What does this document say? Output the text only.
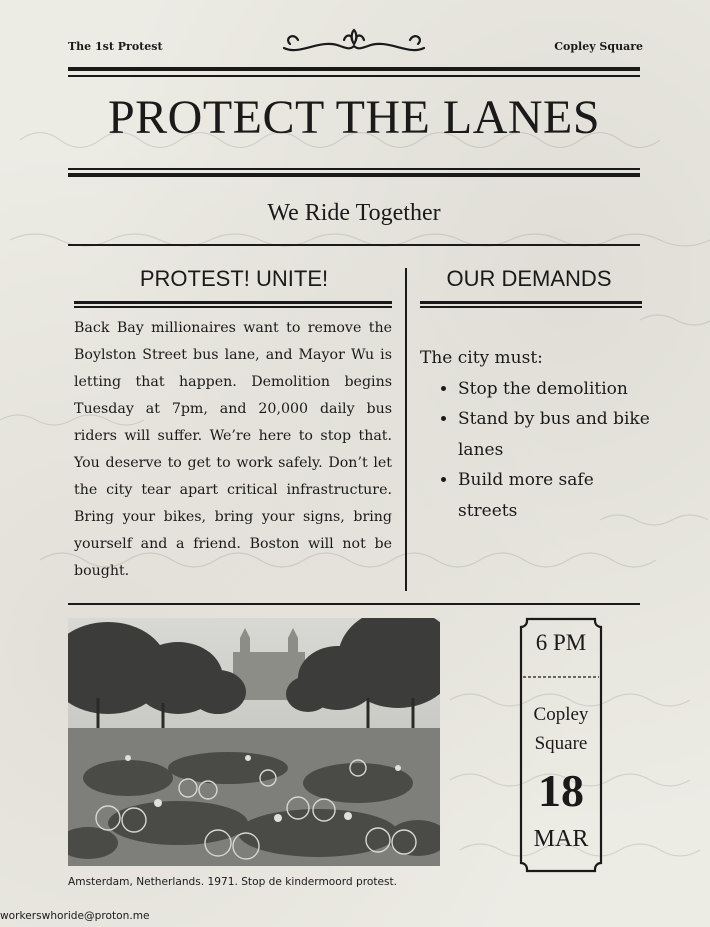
The 1st Protest	Copley Square
PROTECT THE LANES
We Ride Together
PROTEST! UNITE!	OUR DEMANDS
Back Bay millionaires want to remove the Boylston Street bus lane, and Mayor Wu is letting that happen. Demolition begins Tuesday at 7pm, and 20,000 daily bus riders will suffer. We’re here to stop that. You deserve to get to work safely. Don’t let the city tear apart critical infrastructure. Bring your bikes, bring your signs, bring yourself and a friend. Boston will not be bought.
The city must:
• Stop the demolition
• Stand by bus and bike lanes
• Build more safe streets
Amsterdam, Netherlands. 1971. Stop de kindermoord protest.
6 PM
Copley Square
18
MAR
workerswhoride@proton.me
